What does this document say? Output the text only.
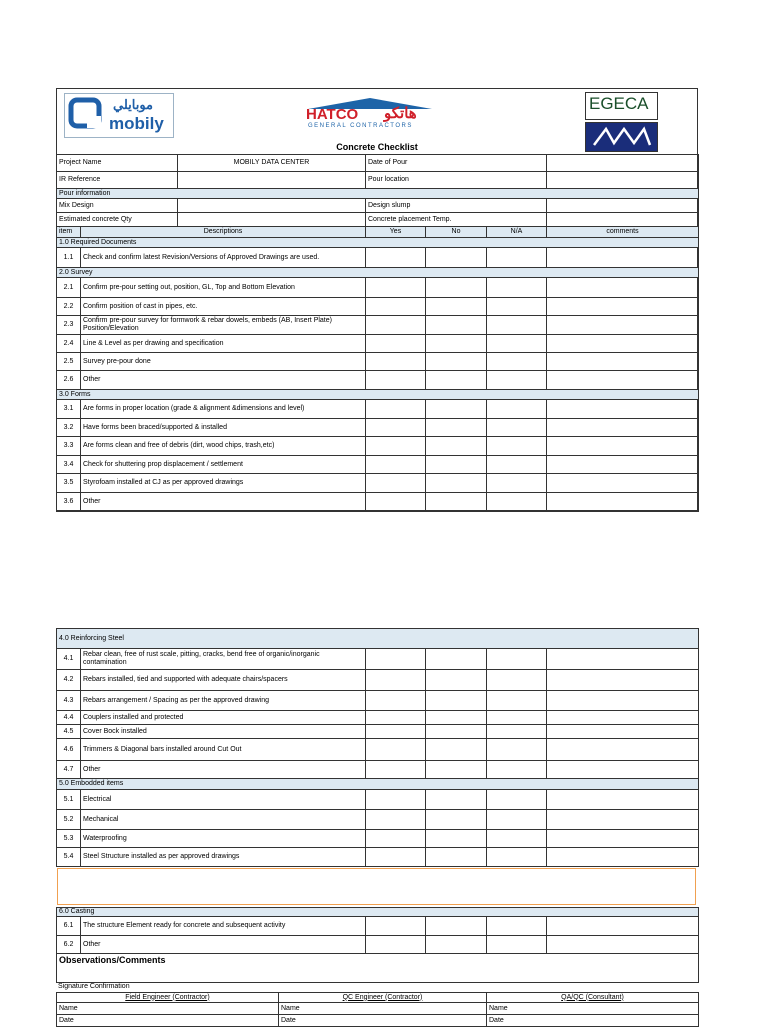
موبايلي
mobily	HATCO هاتكو
GENERAL CONTRACTORS
EGECA
Concrete Checklist
Project Name	MOBILY DATA CENTER	Date of Pour	
IR Reference		Pour location	
Pour information			
Mix Design		Design slump	
Estimated concrete Qty		Concrete placement Temp.	
item	Descriptions	Yes	No	N/A	comments
1.0 Required Documents					
1.1	Check and confirm latest Revision/Versions of Approved Drawings are used.				
2.0 Survey					
2.1	Confirm pre-pour setting out, position, GL, Top and Bottom Elevation				
2.2	Confirm position of cast in pipes, etc.				
2.3	Confirm pre-pour survey for formwork & rebar dowels, embeds (AB, Insert Plate) Position/Elevation				
2.4	Line & Level as per drawing and specification				
2.5	Survey pre-pour done				
2.6	Other				
3.0 Forms					
3.1	Are forms in proper location (grade & alignment &dimensions and level)				
3.2	Have forms been braced/supported & installed				
3.3	Are forms clean and free of debris (dirt, wood chips, trash,etc)				
3.4	Check for shuttering prop displacement / settlement				
3.5	Styrofoam installed at CJ as per approved drawings				
3.6	Other				
4.0 Reinforcing Steel					
4.1	Rebar clean, free of rust scale, pitting, cracks, bend free of organic/inorganic contamination				
4.2	Rebars installed, tied and supported with adequate chairs/spacers				
4.3	Rebars arrangement / Spacing as per the approved drawing				
4.4	Couplers installed and protected				
4.5	Cover Bock installed				
4.6	Trimmers & Diagonal bars installed around Cut Out				
4.7	Other				
5.0 Embodded items					
5.1	Electrical				
5.2	Mechanical				
5.3	Waterproofing				
5.4	Steel Structure installed as per approved drawings				
6.0 Casting					
6.1	The structure Element ready for concrete and subsequent activity				
6.2	Other				
Observations/Comments					
Signature Confirmation
Field Engineer (Contractor)	QC Engineer (Contractor)	QA/QC (Consultant)
Name	Name	Name
Date	Date	Date
